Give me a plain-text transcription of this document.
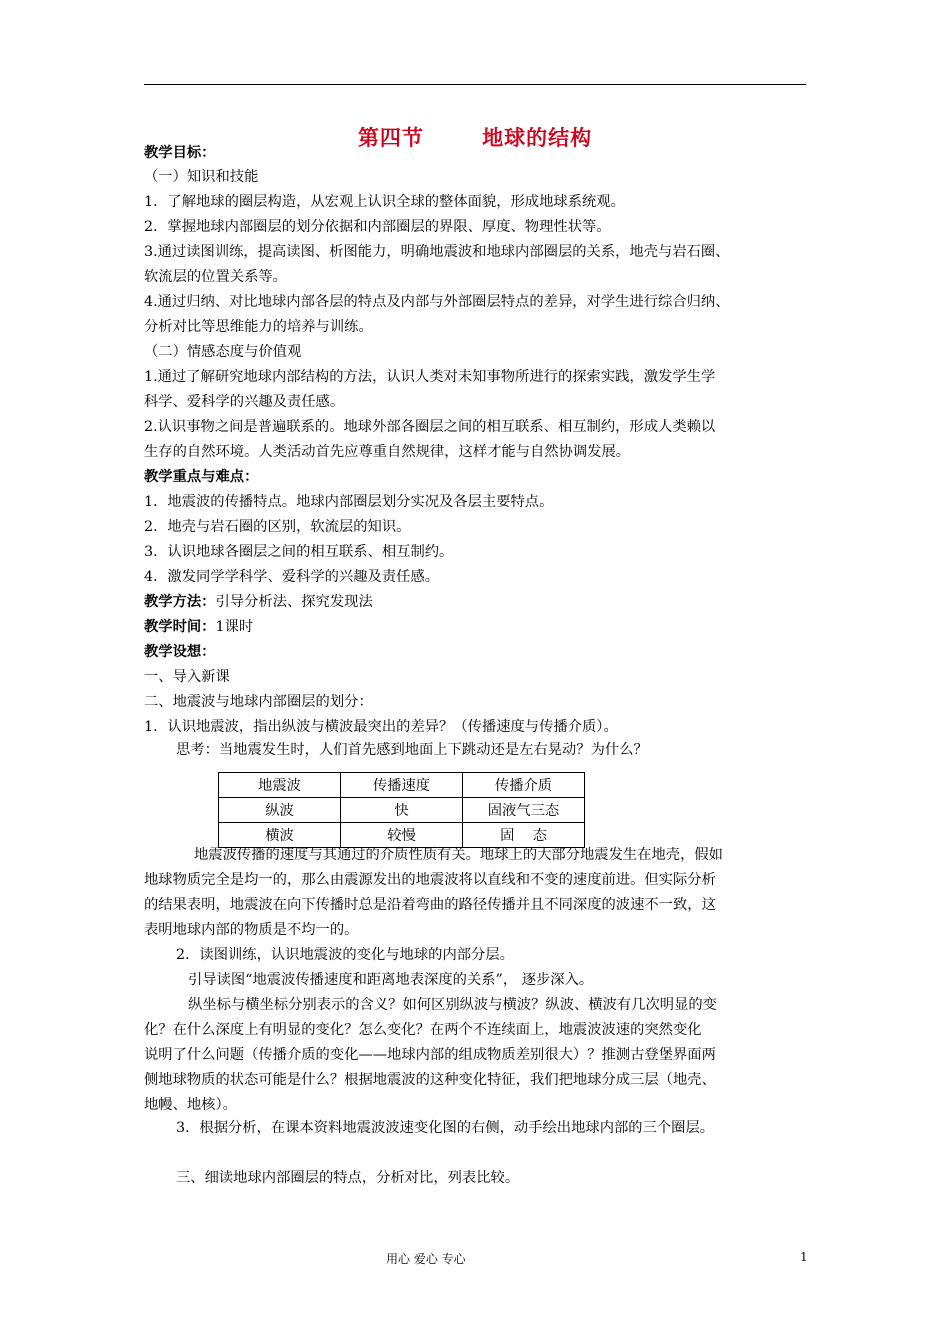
第四节       地球的结构
教学目标：
（一）知识和技能
1．了解地球的圈层构造，从宏观上认识全球的整体面貌，形成地球系统观。
2．掌握地球内部圈层的划分依据和内部圈层的界限、厚度、物理性状等。
3.通过读图训练，提高读图、析图能力，明确地震波和地球内部圈层的关系，地壳与岩石圈、
软流层的位置关系等。
4.通过归纳、对比地球内部各层的特点及内部与外部圈层特点的差异，对学生进行综合归纳、
分析对比等思维能力的培养与训练。
（二）情感态度与价值观
1.通过了解研究地球内部结构的方法，认识人类对未知事物所进行的探索实践，激发学生学
科学、爱科学的兴趣及责任感。
2.认识事物之间是普遍联系的。地球外部各圈层之间的相互联系、相互制约，形成人类赖以
生存的自然环境。人类活动首先应尊重自然规律，这样才能与自然协调发展。
教学重点与难点：
1．地震波的传播特点。地球内部圈层划分实况及各层主要特点。
2．地壳与岩石圈的区别，软流层的知识。
3．认识地球各圈层之间的相互联系、相互制约。
4．激发同学学科学、爱科学的兴趣及责任感。
教学方法：引导分析法、探究发现法
教学时间：1课时
教学设想：
一、导入新课
二、地震波与地球内部圈层的划分：
1．认识地震波，指出纵波与横波最突出的差异？（传播速度与传播介质）。
思考：当地震发生时，人们首先感到地面上下跳动还是左右晃动？为什么？
地震波	传播速度	传播介质
纵波	快	固液气三态
横波	较慢	固    态
地震波传播的速度与其通过的介质性质有关。地球上的大部分地震发生在地壳，假如
地球物质完全是均一的，那么由震源发出的地震波将以直线和不变的速度前进。但实际分析
的结果表明，地震波在向下传播时总是沿着弯曲的路径传播并且不同深度的波速不一致，这
表明地球内部的物质是不均一的。
2．读图训练，认识地震波的变化与地球的内部分层。
引导读图“地震波传播速度和距离地表深度的关系”， 逐步深入。
纵坐标与横坐标分别表示的含义？如何区别纵波与横波？纵波、横波有几次明显的变
化？在什么深度上有明显的变化？怎么变化？在两个不连续面上，地震波波速的突然变化
说明了什么问题（传播介质的变化——地球内部的组成物质差别很大）？推测古登堡界面两
侧地球物质的状态可能是什么？根据地震波的这种变化特征，我们把地球分成三层（地壳、
地幔、地核）。
3．根据分析，在课本资料地震波波速变化图的右侧，动手绘出地球内部的三个圈层。
三、细读地球内部圈层的特点，分析对比，列表比较。
用心 爱心 专心	1
